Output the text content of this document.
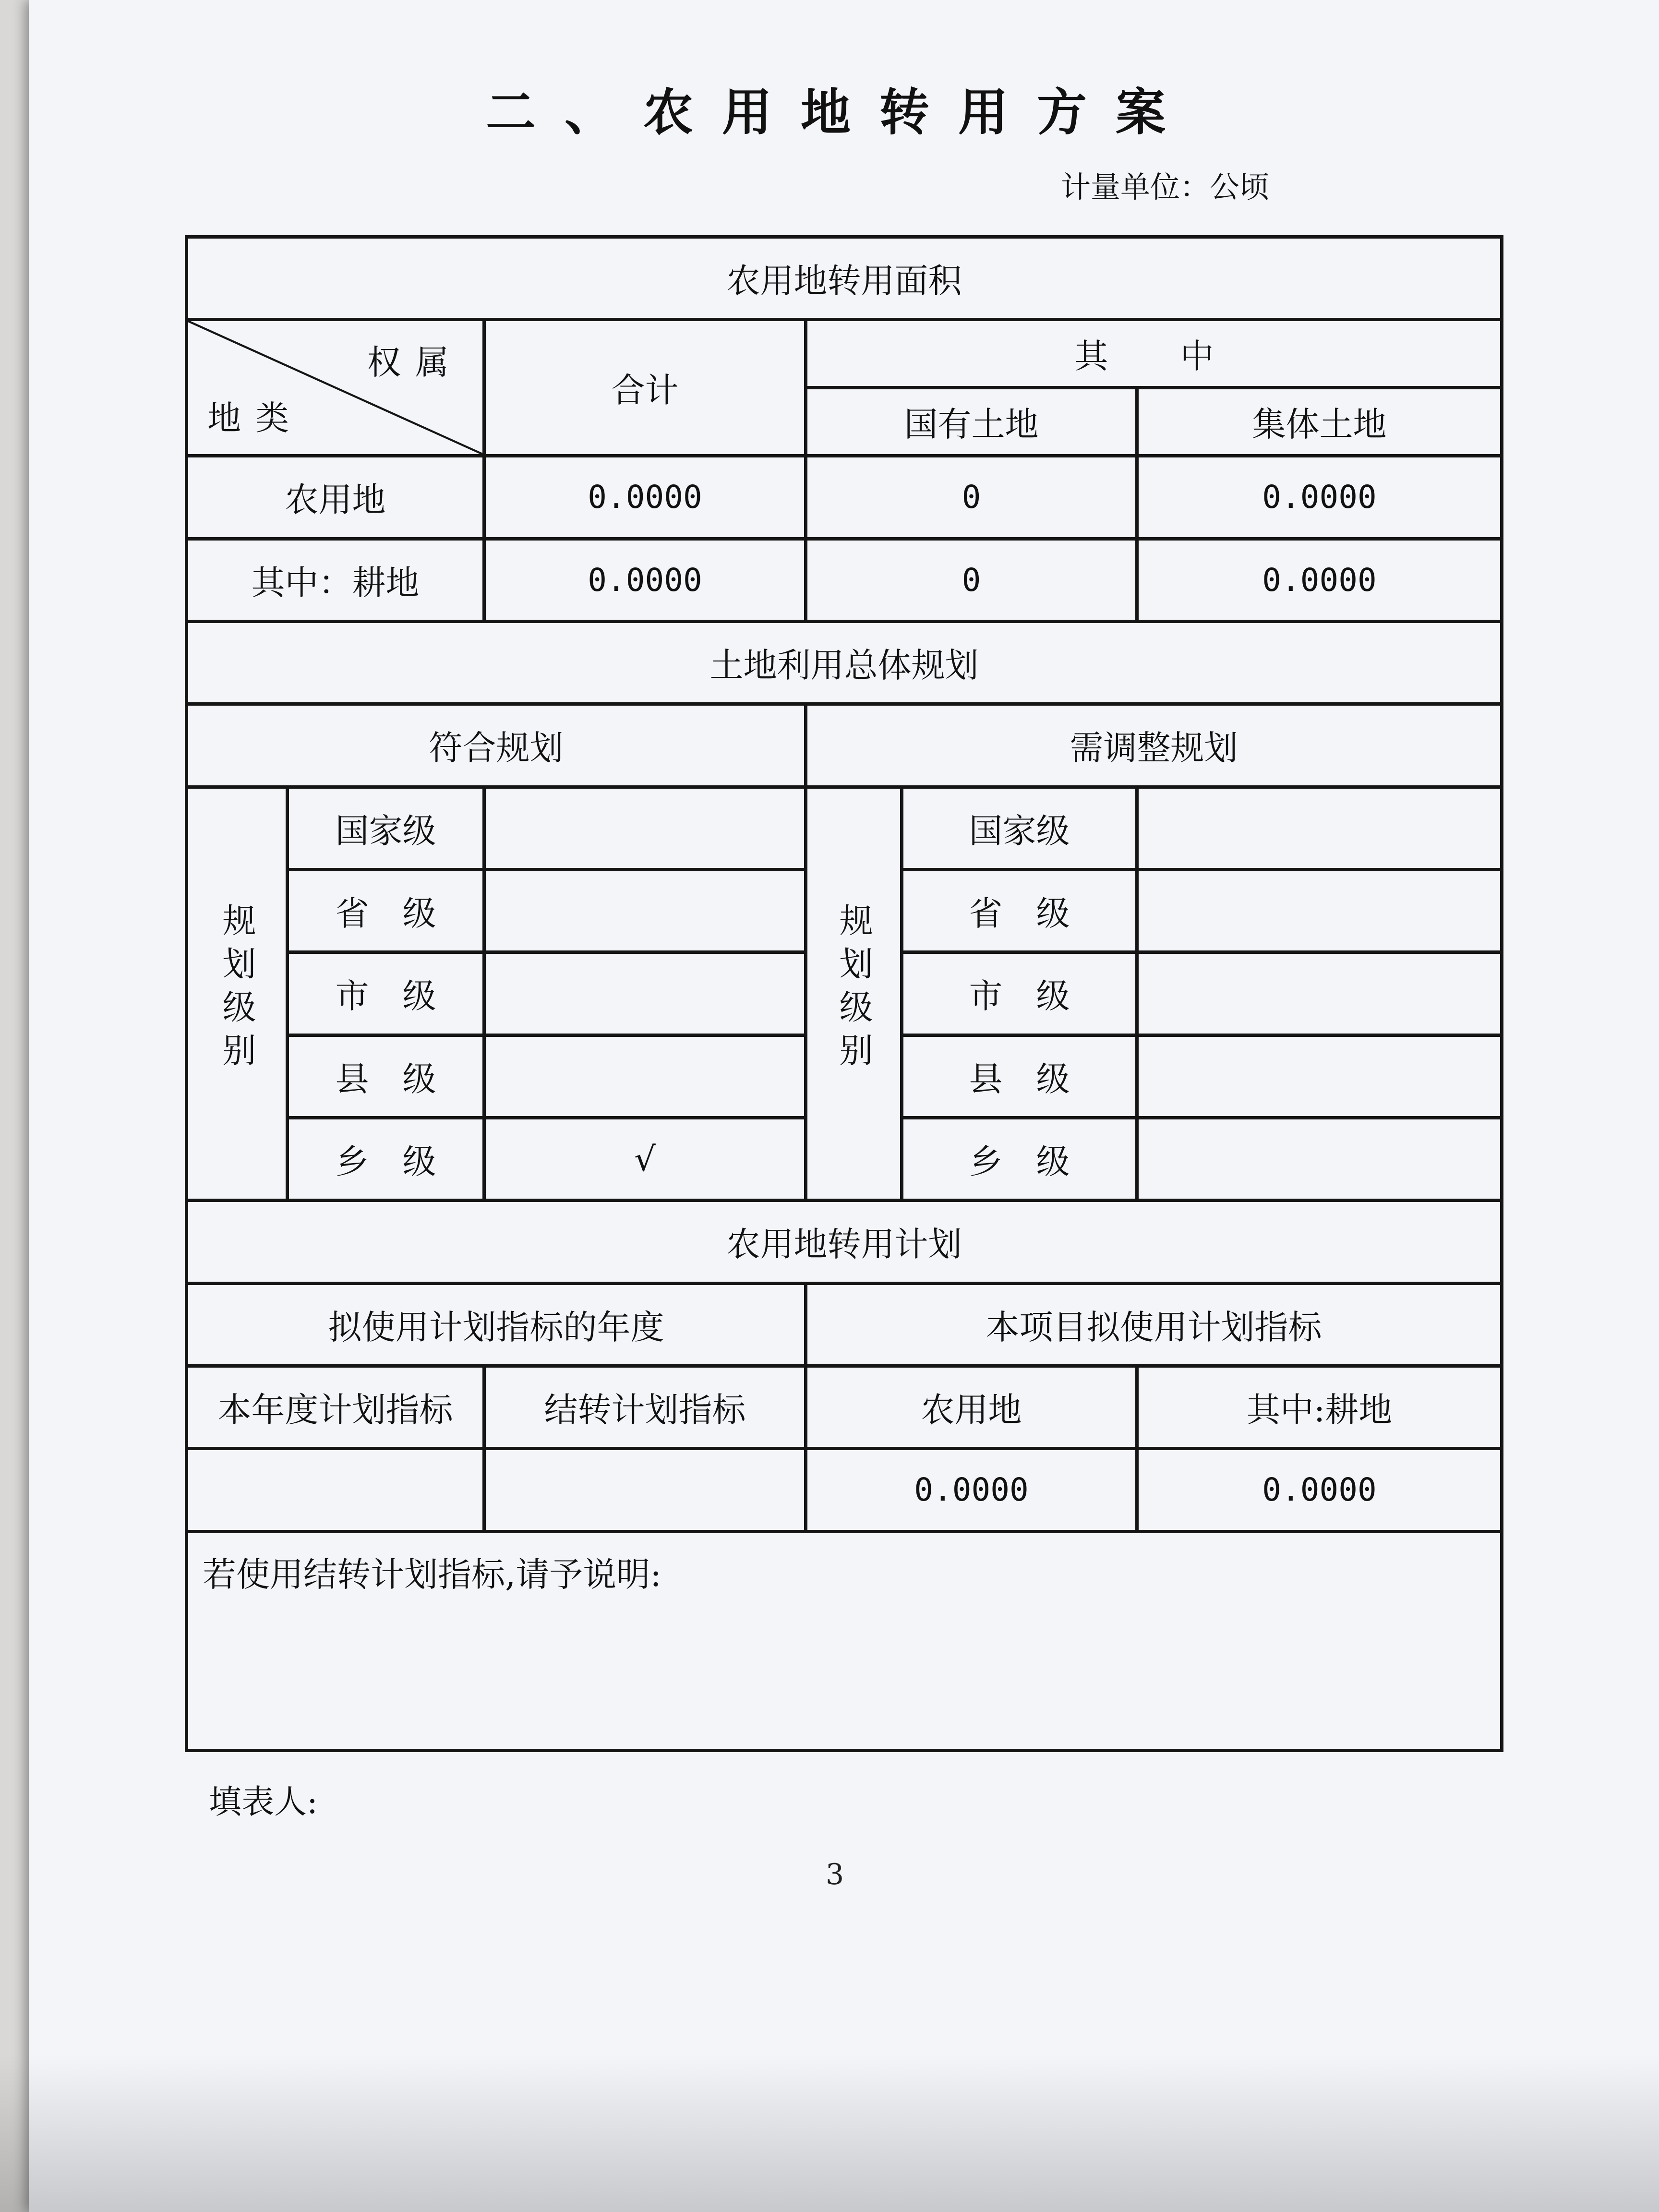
二、农用地转用方案
计量单位：公顷
农用地转用面积					

权属
地类		合计	其　中		
			国有土地		集体土地
农用地		0.0000	0		0.0000
其中：耕地		0.0000	0		0.0000
土地利用总体规划					
符合规划			需调整规划		
规划级别	国家级		规划级别	国家级	
	省　级			省　级	
	市　级			市　级	
	县　级			县　级	
	乡　级	√		乡　级	
农用地转用计划					
拟使用计划指标的年度			本项目拟使用计划指标		
本年度计划指标		结转计划指标	农用地		其中:耕地
			0.0000		0.0000
若使用结转计划指标,请予说明:					
填表人:
3
